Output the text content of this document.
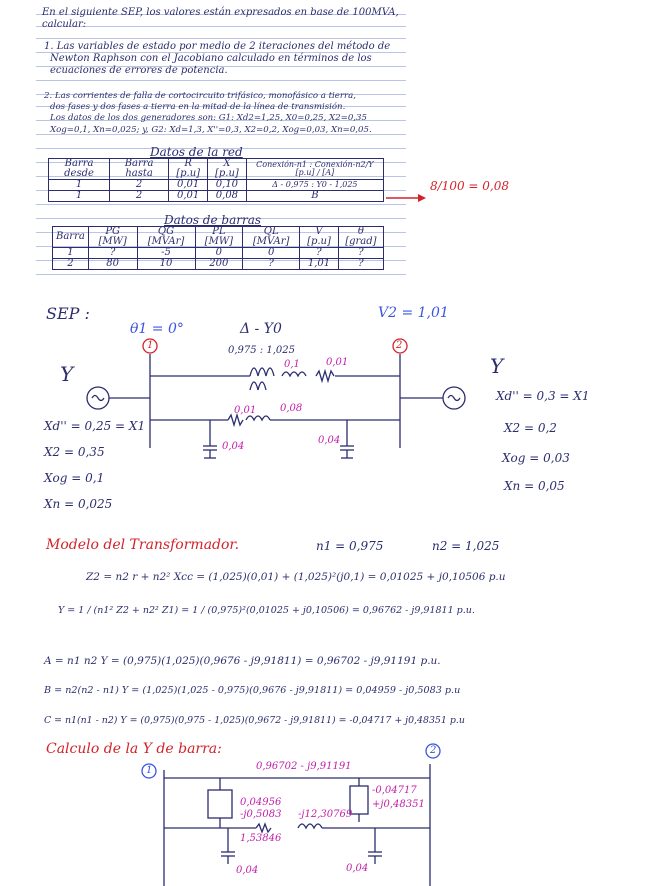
En el siguiente SEP, los valores están expresados en base de 100MVA,
calcular:
1. Las variables de estado por medio de 2 iteraciones del método de
Newton Raphson con el Jacobiano calculado en términos de los
ecuaciones de errores de potencia.
2. Las corrientes de falla de cortocircuito trifásico, monofásico a tierra,
dos fases y dos fases a tierra en la mitad de la línea de transmisión.
Los datos de los dos generadores son: G1: Xd2=1,25, X0=0,25, X2=0,35
Xog=0,1, Xn=0,025; y, G2: Xd=1,3, X''=0,3, X2=0,2, Xog=0,03, Xn=0,05.
Datos de la red
Barra desde	Barra hasta	R [p.u]	X [p.u]	Conexión-n1 : Conexión-n2/Y [p.u] / [A]
1	2	0,01	0,10	Δ - 0,975 : Y0 - 1,025
1	2	0,01	0,08	B
8/100 = 0,08
Datos de barras
Barra	PG [MW]	QG [MVAr]	PL [MW]	QL [MVAr]	V [p.u]	θ [grad]
1	?	-5	0	0	?	?
2	80	10	200	?	1,01	?
SEP :
θ1 = 0°	Δ - Y0
V2 = 1,01
0,975 : 1,025
1	2
0,1	0,01
0,01 0,08
0,04
0,04
Y
Xd'' = 0,25 = X1
X2 = 0,35
Xog = 0,1
Xn = 0,025
Y
Xd'' = 0,3 = X1
X2 = 0,2
Xog = 0,03
Xn = 0,05
Modelo del Transformador.	n1 = 0,975	n2 = 1,025
Z2 = n2 r + n2² Xcc = (1,025)(0,01) + (1,025)²(j0,1) = 0,01025 + j0,10506 p.u
Y = 1 / (n1² Z2 + n2² Z1) = 1 / (0,975)²(0,01025 + j0,10506) = 0,96762 - j9,91811 p.u.
A = n1 n2 Y = (0,975)(1,025)(0,9676 - j9,91811) = 0,96702 - j9,91191 p.u.
B = n2(n2 - n1) Y = (1,025)(1,025 - 0,975)(0,9676 - j9,91811) = 0,04959 - j0,5083 p.u
C = n1(n1 - n2) Y = (0,975)(0,975 - 1,025)(0,9672 - j9,91811) = -0,04717 + j0,48351 p.u
Calculo de la Y de barra:
1
2
0,96702 - j9,91191
0,04956
-j0,5083
-0,04717
+j0,48351
1,53846
-j12,30769
0,04	0,04
